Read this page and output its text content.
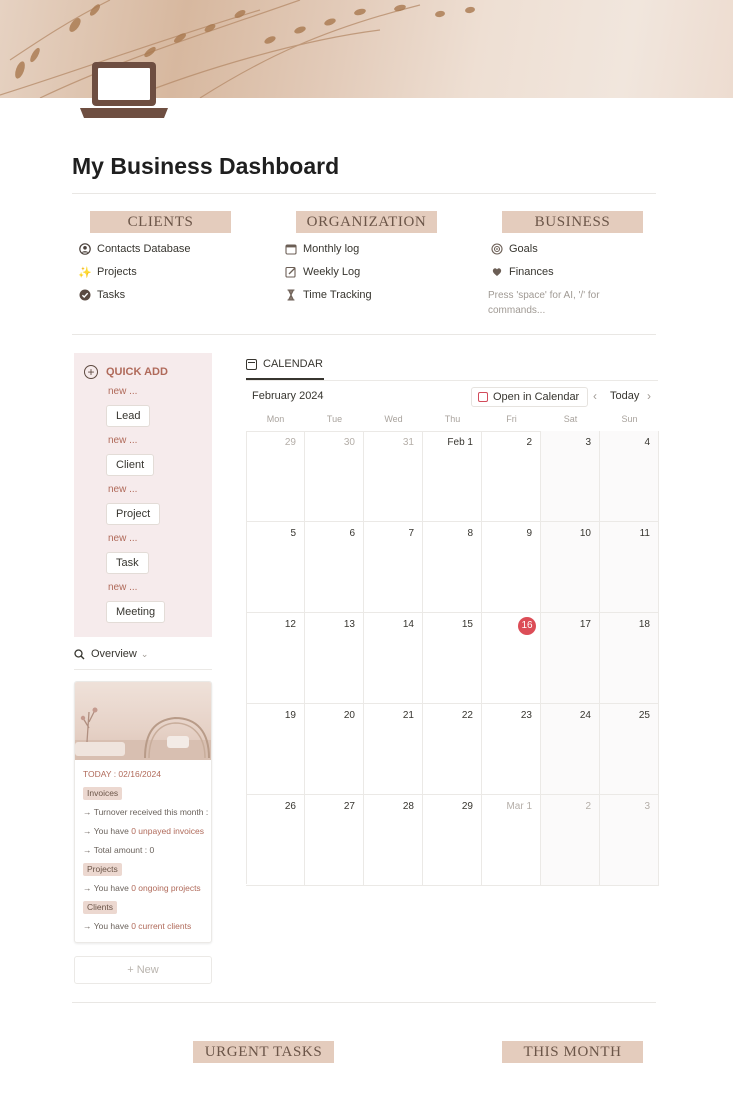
My Business Dashboard
CLIENTS	ORGANIZATION	BUSINESS
Contacts Database
✨ Projects
Tasks
Monthly log
Weekly Log
Time Tracking
Goals
Finances
Press 'space' for AI, '/' for commands...
+	QUICK ADD
new ...
Lead
new ...
Client
new ...
Project
new ...
Task
new ...
Meeting
Overview ⌄
TODAY : 02/16/2024
Invoices
→ Turnover received this month :
→ You have 0 unpayed invoices
→ Total amount : 0
Projects
→ You have 0 ongoing projects
Clients
→ You have 0 current clients
+ New
CALENDAR
February 2024	Open in Calendar ‹ Today ›
Mon	Tue	Wed	Thu	Fri	Sat	Sun
29	30	31	Feb 1	2	3	4
5	6	7	8	9	10	11
12	13	14	15	16	17	18
19	20	21	22	23	24	25
26	27	28	29	Mar 1	2	3
URGENT TASKS	THIS MONTH
